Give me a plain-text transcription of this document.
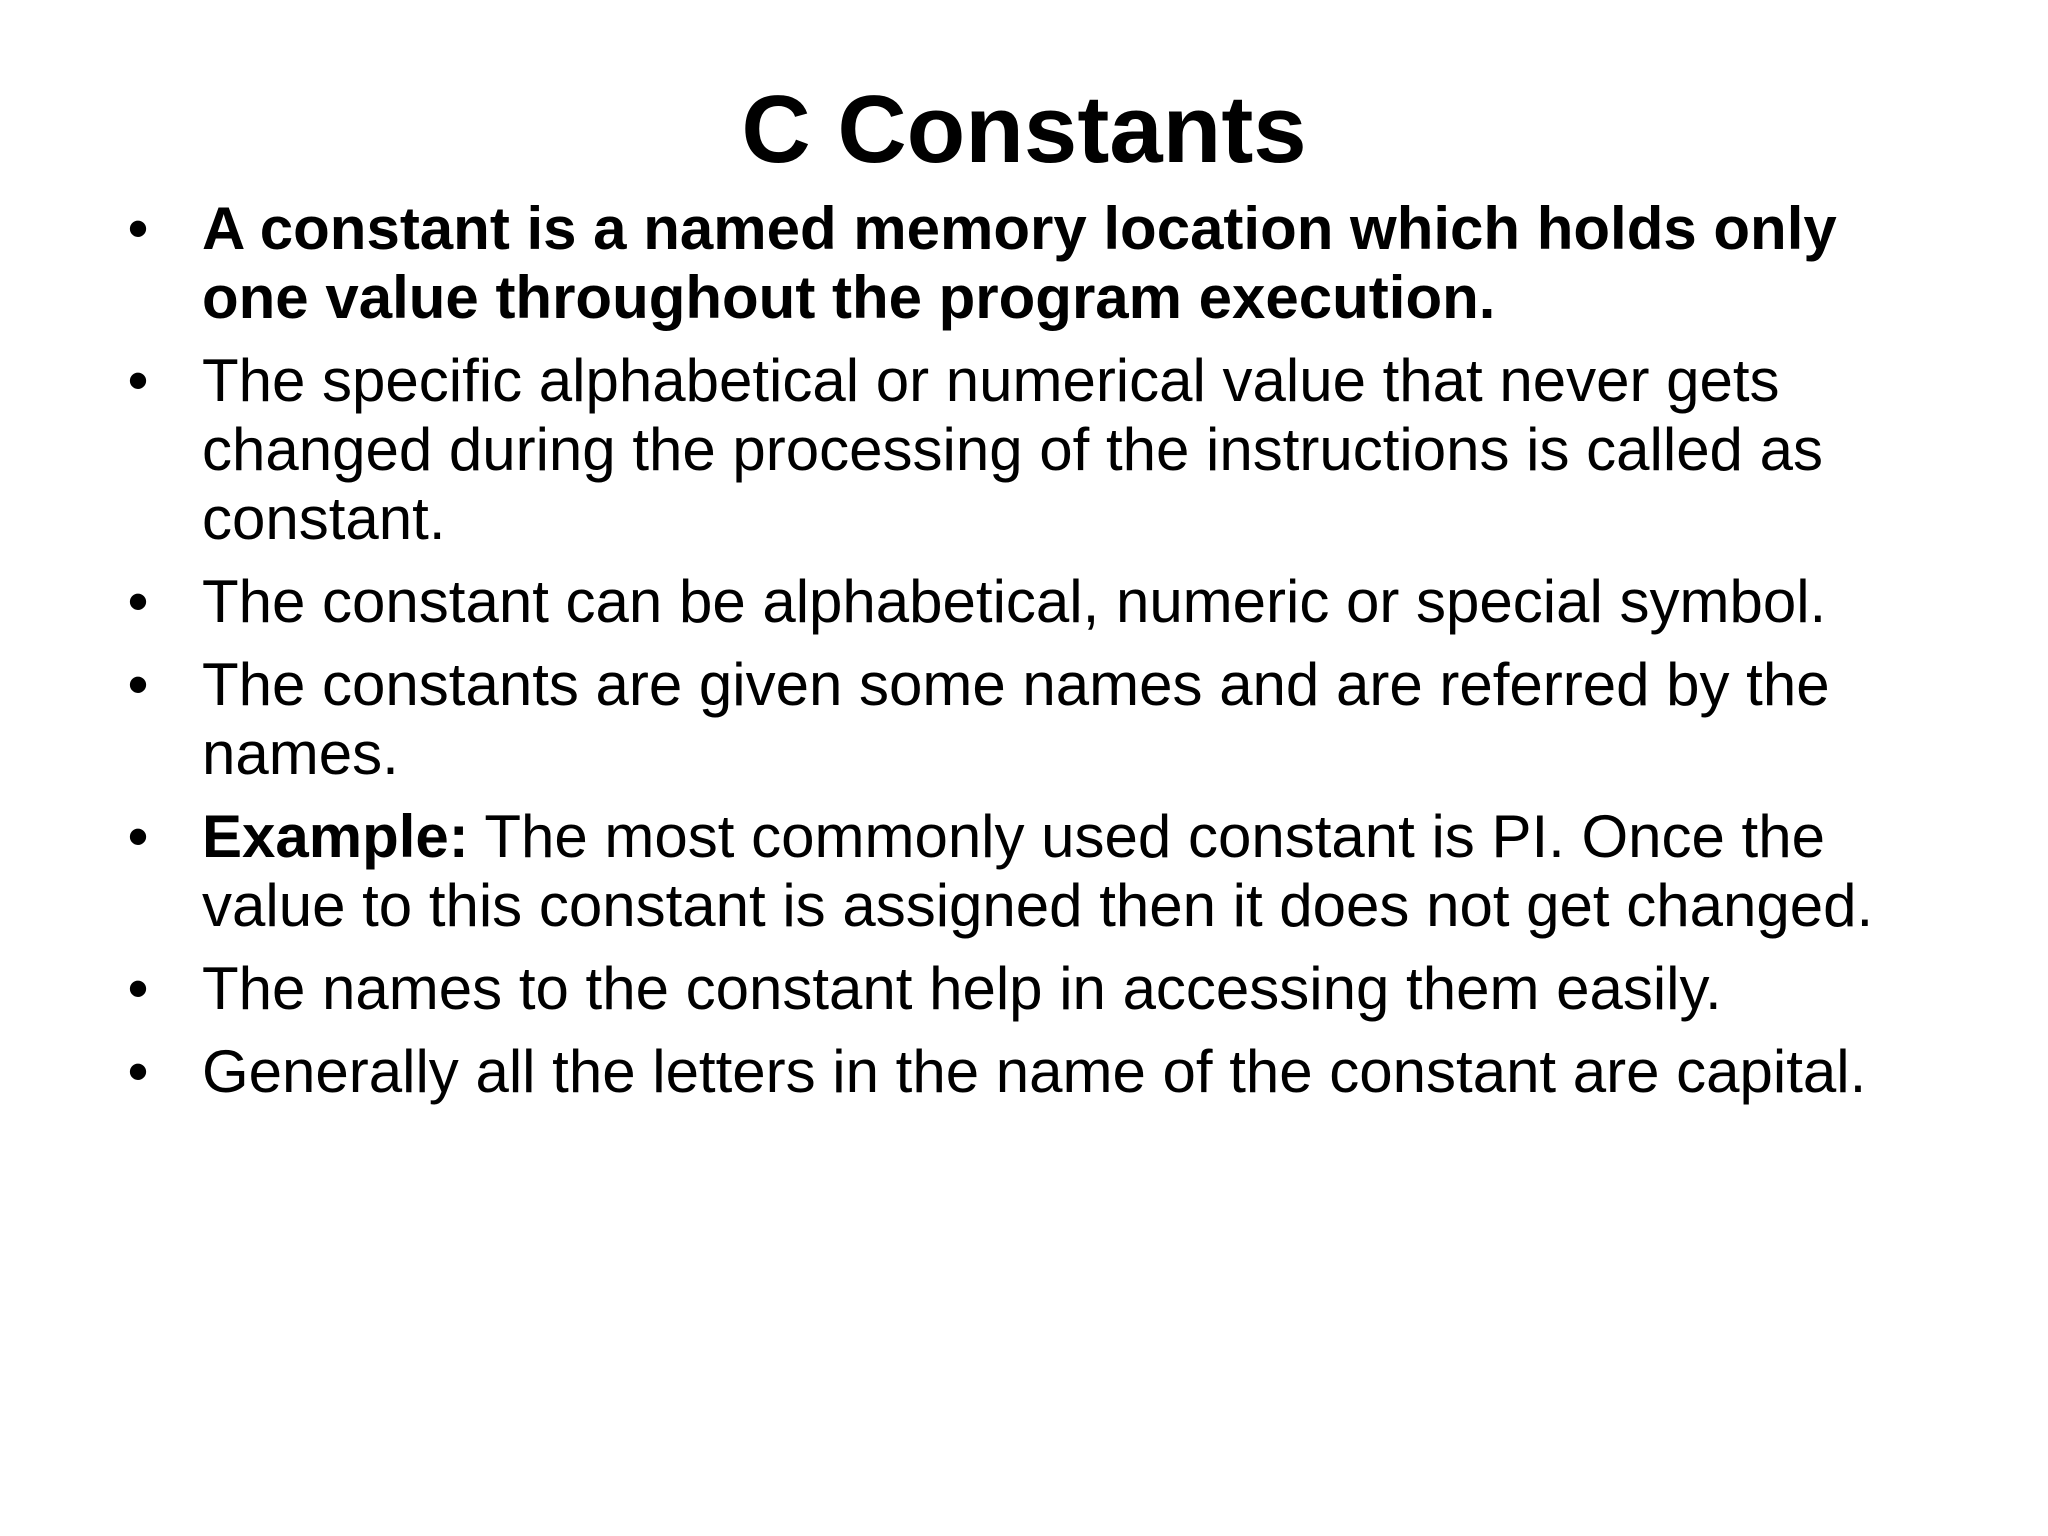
C Constants
• A constant is a named memory location which holds only one value throughout the program execution.
• The specific alphabetical or numerical value that never gets changed during the processing of the instructions is called as constant.
• The constant can be alphabetical, numeric or special symbol.
• The constants are given some names and are referred by the names.
• Example: The most commonly used constant is PI. Once the value to this constant is assigned then it does not get changed.
• The names to the constant help in accessing them easily.
• Generally all the letters in the name of the constant are capital.
